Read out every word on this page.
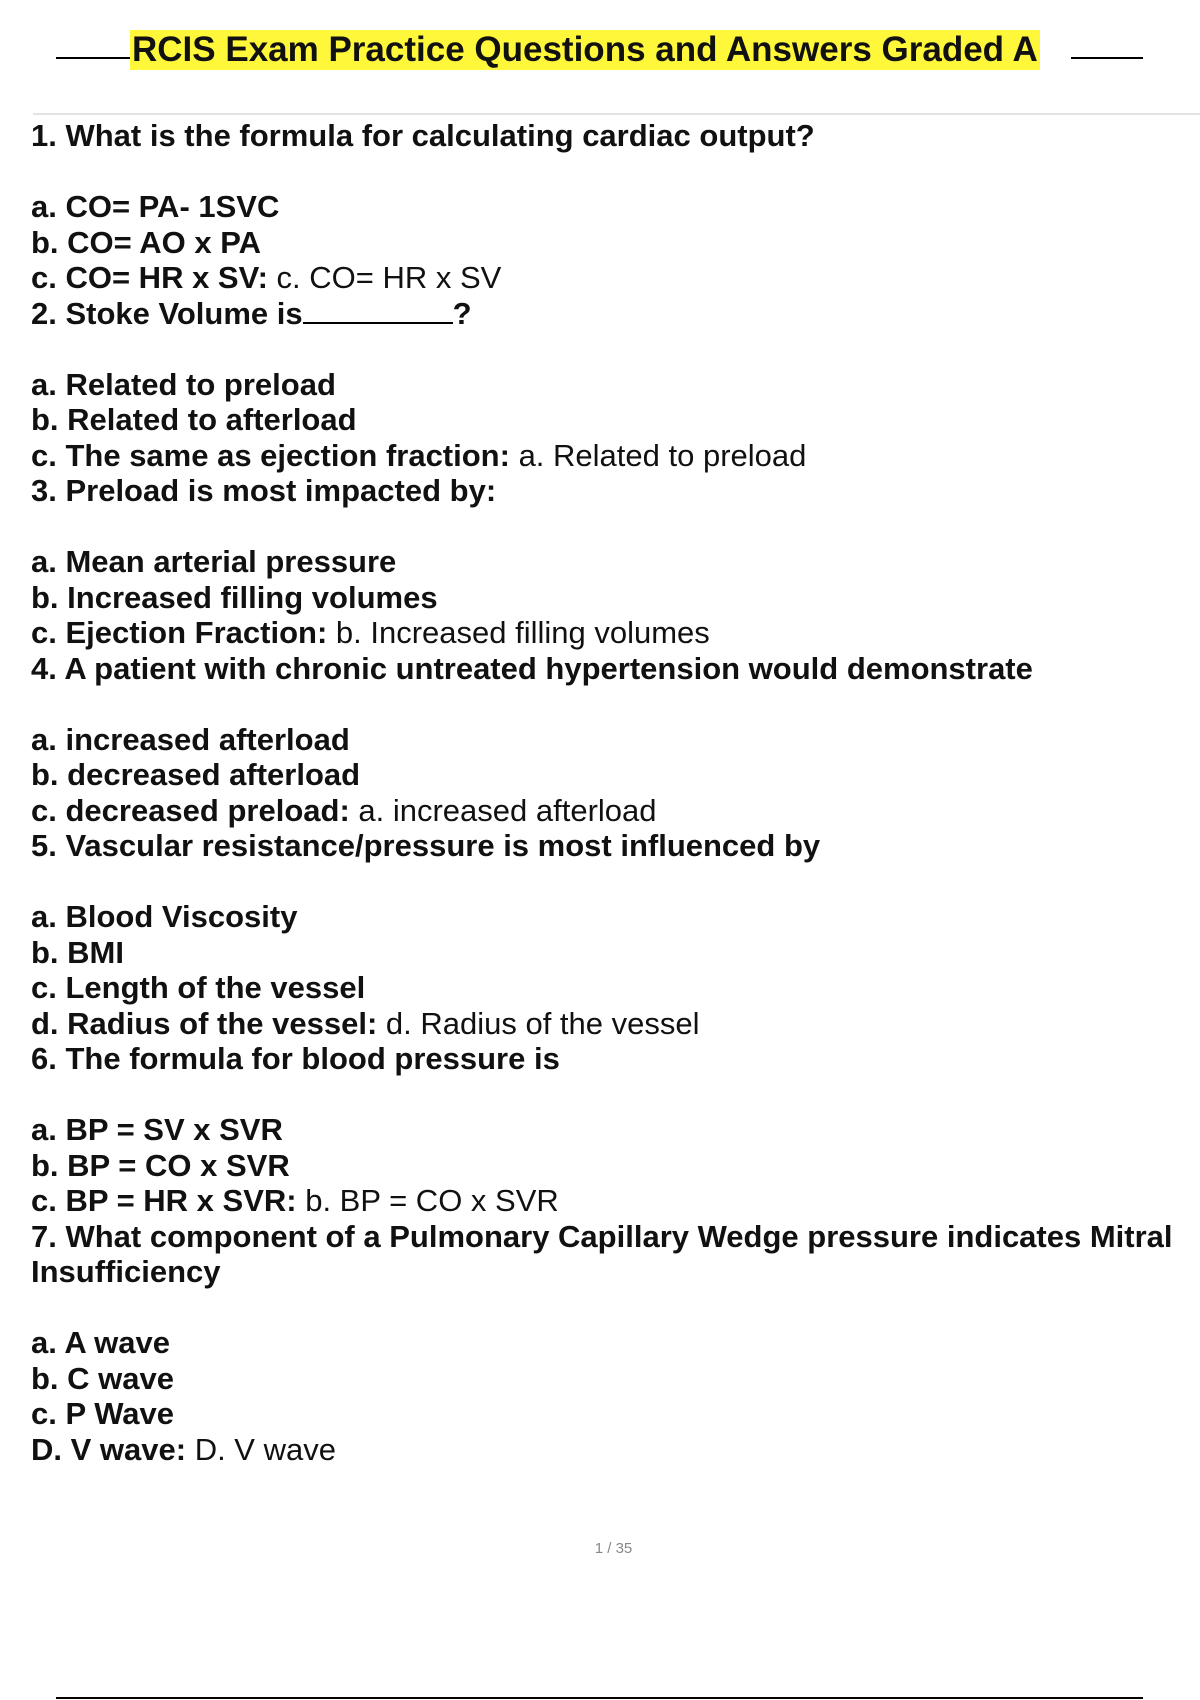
RCIS Exam Practice Questions and Answers Graded A
1. What is the formula for calculating cardiac output?
a. CO= PA- 1SVC
b. CO= AO x PA
c. CO= HR x SV: c. CO= HR x SV
2. Stoke Volume is	?
a. Related to preload
b. Related to afterload
c. The same as ejection fraction: a. Related to preload
3. Preload is most impacted by:
a. Mean arterial pressure
b. Increased filling volumes
c. Ejection Fraction: b. Increased filling volumes
4. A patient with chronic untreated hypertension would demonstrate
a. increased afterload
b. decreased afterload
c. decreased preload: a. increased afterload
5. Vascular resistance/pressure is most influenced by
a. Blood Viscosity
b. BMI
c. Length of the vessel
d. Radius of the vessel: d. Radius of the vessel
6. The formula for blood pressure is
a. BP = SV x SVR
b. BP = CO x SVR
c. BP = HR x SVR: b. BP = CO x SVR
7. What component of a Pulmonary Capillary Wedge pressure indicates Mitral Insufficiency
a. A wave
b. C wave
c. P Wave
D. V wave: D. V wave
1 / 35
